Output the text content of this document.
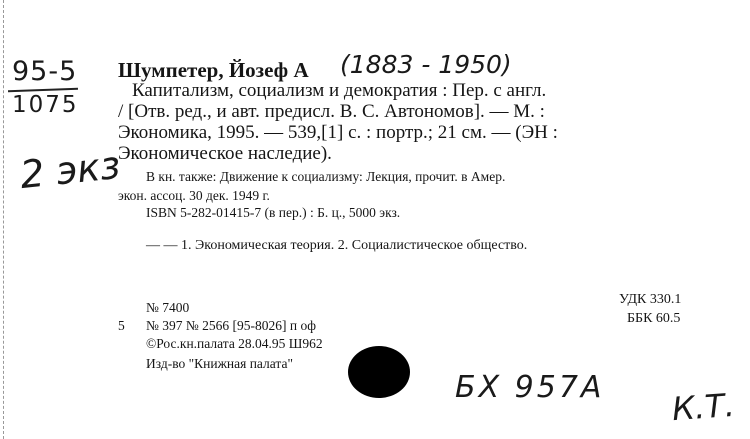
95-5
1075
2 экз
(1883 - 1950)
БХ 957А К.Т.
Шумпетер, Йозеф А
Капитализм, социализм и демократия : Пер. с англ.
/ [Отв. ред., и авт. предисл. В. С. Автономов]. — М. :
Экономика, 1995. — 539,[1] с. : портр.; 21 см. — (ЭН :
Экономическое наследие).
В кн. также: Движение к социализму: Лекция, прочит. в Амер.
экон. ассоц. 30 дек. 1949 г.
ISBN 5-282-01415-7 (в пер.) : Б. ц., 5000 экз.
— — 1. Экономическая теория. 2. Социалистическое общество.
№ 7400
5 № 397 № 2566 [95-8026] п оф
©Рос.кн.палата 28.04.95 Ш962
Изд-во "Книжная палата"
УДК 330.1
ББК 60.5
